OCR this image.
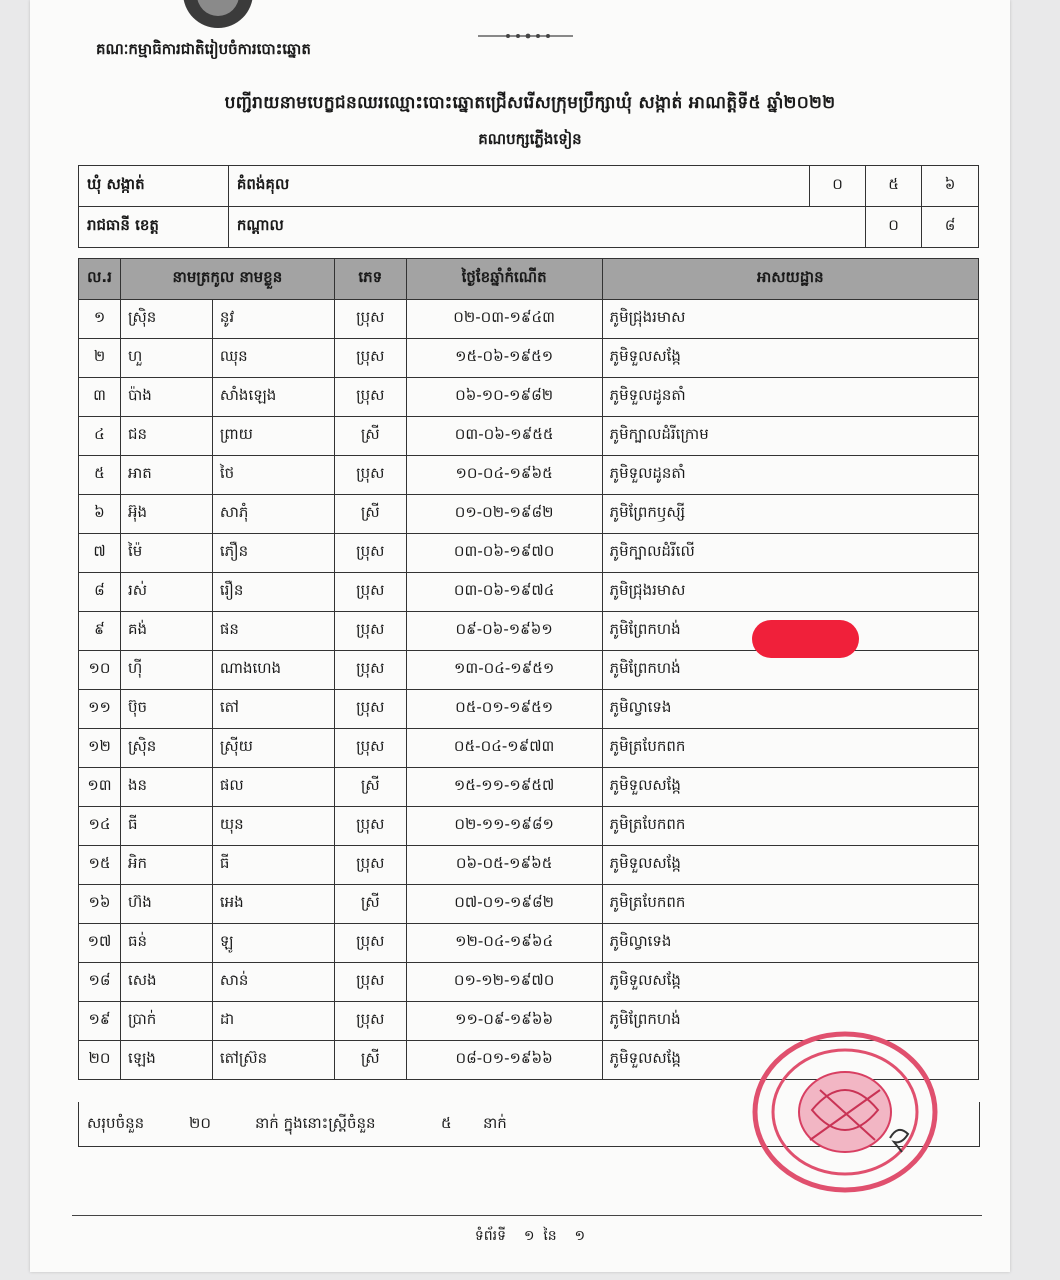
គណៈកម្មាធិការជាតិរៀបចំការបោះឆ្នោត
បញ្ជីរាយនាមបេក្ខជនឈរឈ្មោះបោះឆ្នោតជ្រើសរើសក្រុមប្រឹក្សាឃុំ សង្កាត់ អាណត្តិទី៥ ឆ្នាំ២០២២
គណបក្សភ្លើងទៀន
ឃុំ សង្កាត់	គំពង់គុល	០	៥	៦
រាជធានី ខេត្ត	កណ្តាល		០	៨
ល.រ	នាមត្រកូល នាមខ្លួន		ភេទ	ថ្ងៃខែឆ្នាំកំណើត	អាសយដ្ឋាន
១	ស្រ៊ិន	នូវ	ប្រុស	០២-០៣-១៩៤៣	ភូមិជ្រុងរមាស
២	ហួ	ឈុន	ប្រុស	១៥-០៦-១៩៥១	ភូមិទួលសង្កែ
៣	ប៉ាង	សាំងឡេង	ប្រុស	០៦-១០-១៩៨២	ភូមិទួលដូនតាំ
៤	ជន	ព្រាយ	ស្រី	០៣-០៦-១៩៥៥	ភូមិក្បាលដំរីក្រោម
៥	អាត	ថៃ	ប្រុស	១០-០៤-១៩៦៥	ភូមិទួលដូនតាំ
៦	អ៊ុង	សាភុំ	ស្រី	០១-០២-១៩៨២	ភូមិព្រែកឫស្សី
៧	ម៉ៃ	ភឿន	ប្រុស	០៣-០៦-១៩៧០	ភូមិក្បាលដំរីលើ
៨	រស់	រឿន	ប្រុស	០៣-០៦-១៩៧៤	ភូមិជ្រុងរមាស
៩	គង់	ផន	ប្រុស	០៩-០៦-១៩៦១	ភូមិព្រែកហង់
១០	ហ៊ី	ណាងហេង	ប្រុស	១៣-០៤-១៩៥១	ភូមិព្រែកហង់
១១	ប៊ុច	តៅ	ប្រុស	០៥-០១-១៩៥១	ភូមិល្វាទេង
១២	ស្រ៊ិន	ស្រ៊ីយ	ប្រុស	០៥-០៤-១៩៧៣	ភូមិត្របែកពក
១៣	ងន	ផល	ស្រី	១៥-១១-១៩៥៧	ភូមិទួលសង្កែ
១៤	ធី	យុន	ប្រុស	០២-១១-១៩៨១	ភូមិត្របែកពក
១៥	អិក	ធី	ប្រុស	០៦-០៥-១៩៦៥	ភូមិទួលសង្កែ
១៦	ហ៊ង	អេង	ស្រី	០៧-០១-១៩៨២	ភូមិត្របែកពក
១៧	ធន់	ឡូ	ប្រុស	១២-០៤-១៩៦៤	ភូមិល្វាទេង
១៨	សេង	សាន់	ប្រុស	០១-១២-១៩៧០	ភូមិទួលសង្កែ
១៩	ប្រាក់	ដា	ប្រុស	១១-០៩-១៩៦៦	ភូមិព្រែកហង់
២០	ឡេង	តៅស្រ៊ន	ស្រី	០៨-០១-១៩៦៦	ភូមិទួលសង្កែ
សរុបចំនួន	២០	នាក់ ក្នុងនោះស្ត្រីចំនួន	៥ នាក់
ទំព័រទី ១ នៃ ១
